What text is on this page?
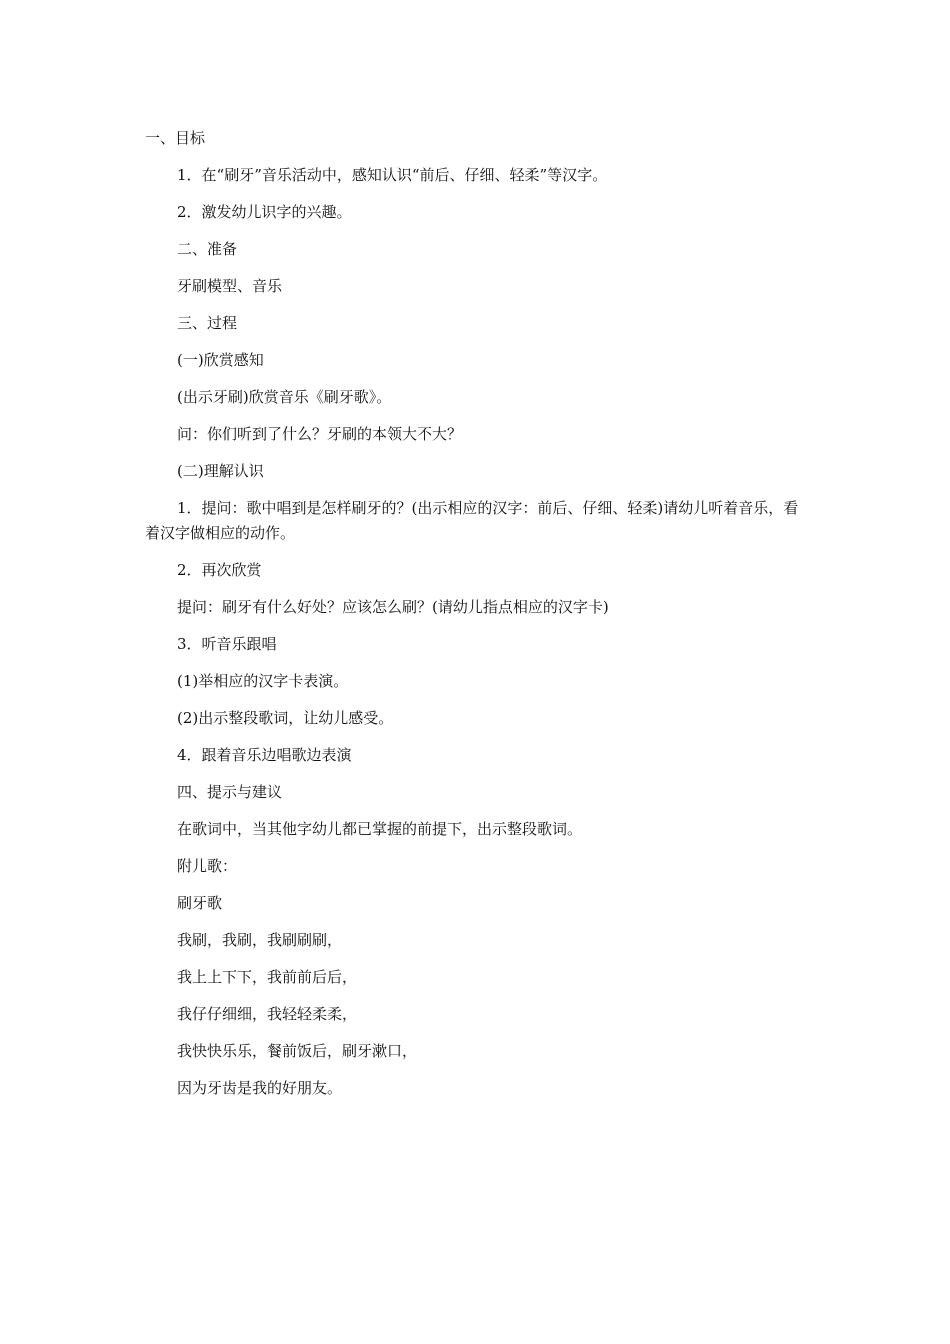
一、目标

1．在“刷牙”音乐活动中，感知认识“前后、仔细、轻柔”等汉字。

2．激发幼儿识字的兴趣。

二、准备

牙刷模型、音乐

三、过程

(一)欣赏感知

(出示牙刷)欣赏音乐《刷牙歌》。

问：你们听到了什么？牙刷的本领大不大？

(二)理解认识

1．提问：歌中唱到是怎样刷牙的？(出示相应的汉字：前后、仔细、轻柔)请幼儿听着音乐，看着汉字做相应的动作。

2．再次欣赏

提问：刷牙有什么好处？应该怎么刷？(请幼儿指点相应的汉字卡)

3．听音乐跟唱

(1)举相应的汉字卡表演。

(2)出示整段歌词，让幼儿感受。

4．跟着音乐边唱歌边表演

四、提示与建议

在歌词中，当其他字幼儿都已掌握的前提下，出示整段歌词。

附儿歌：

刷牙歌

我刷，我刷，我刷刷刷，

我上上下下，我前前后后，

我仔仔细细，我轻轻柔柔，

我快快乐乐，餐前饭后，刷牙漱口，

因为牙齿是我的好朋友。
